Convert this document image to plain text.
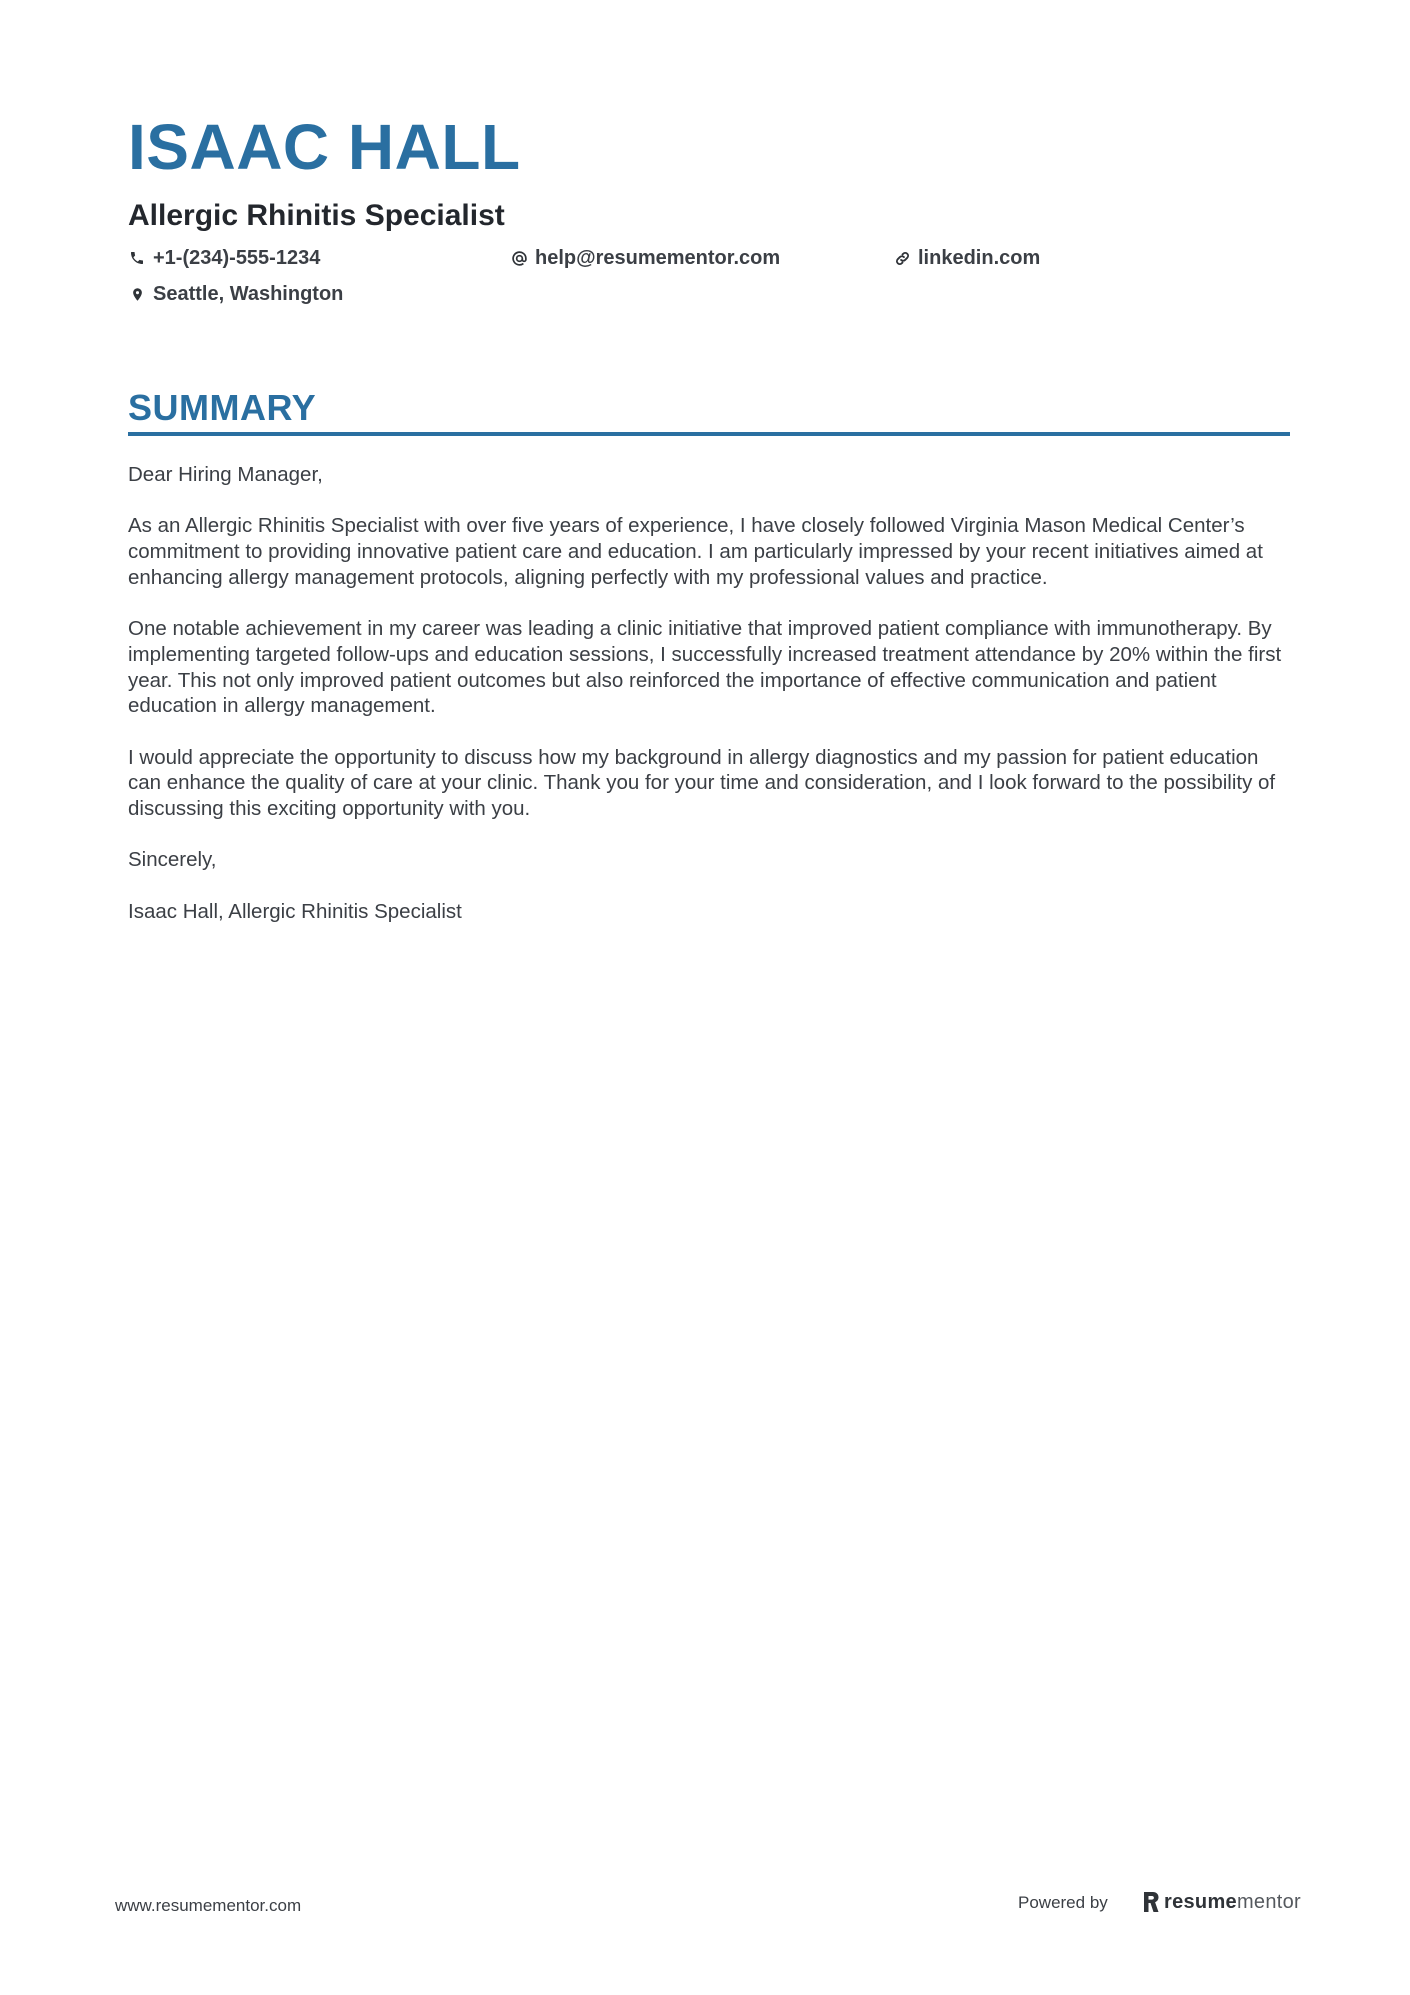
ISAAC HALL
Allergic Rhinitis Specialist
+1-(234)-555-1234	help@resumementor.com	linkedin.com
Seattle, Washington
SUMMARY

Dear Hiring Manager,

As an Allergic Rhinitis Specialist with over five years of experience, I have closely followed Virginia Mason Medical Center’s commitment to providing innovative patient care and education. I am particularly impressed by your recent initiatives aimed at enhancing allergy management protocols, aligning perfectly with my professional values and practice.

One notable achievement in my career was leading a clinic initiative that improved patient compliance with immunotherapy. By implementing targeted follow-ups and education sessions, I successfully increased treatment attendance by 20% within the first year. This not only improved patient outcomes but also reinforced the importance of effective communication and patient education in allergy management.

I would appreciate the opportunity to discuss how my background in allergy diagnostics and my passion for patient education can enhance the quality of care at your clinic. Thank you for your time and consideration, and I look forward to the possibility of discussing this exciting opportunity with you.

Sincerely,

Isaac Hall, Allergic Rhinitis Specialist

www.resumementor.com	Powered by	resumementor
